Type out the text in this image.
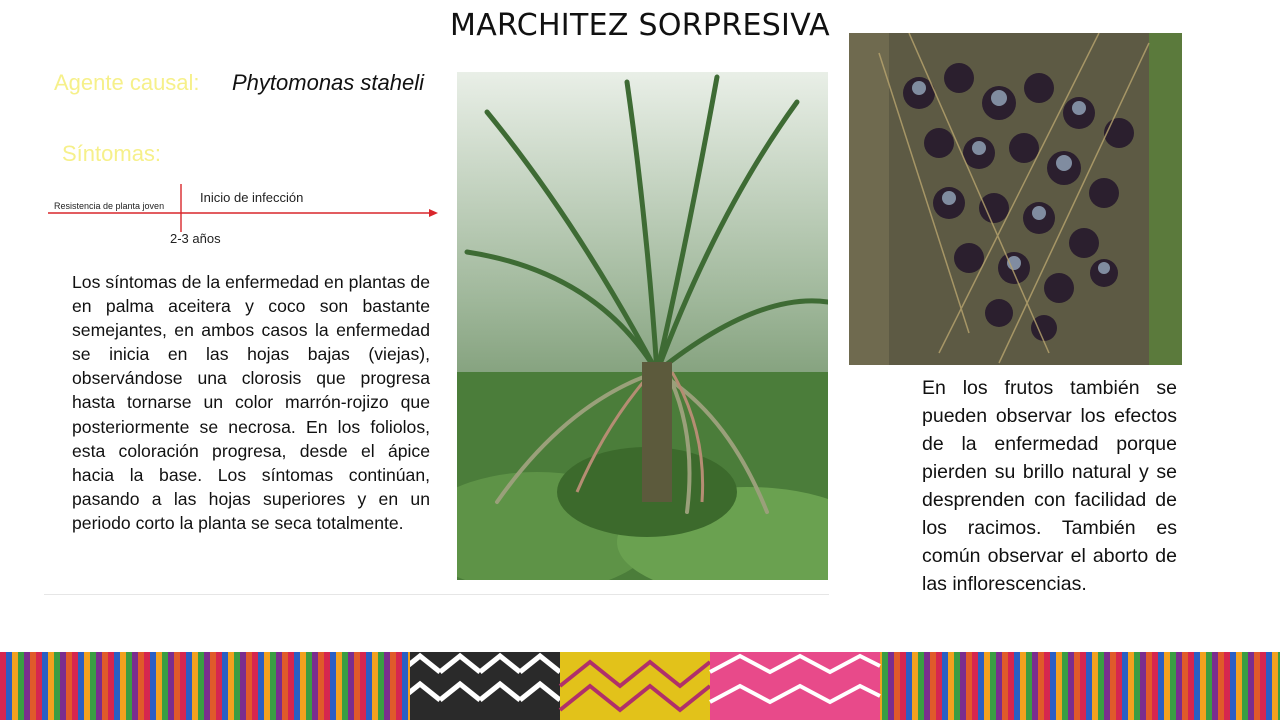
MARCHITEZ SORPRESIVA
Agente causal: Phytomonas staheli
Síntomas:
Resistencia de planta joven
Inicio de infección
2-3 años
Los síntomas de la enfermedad en plantas de en palma aceitera y coco son bastante semejantes, en ambos casos la enfermedad se inicia en las hojas bajas (viejas), observándose una clorosis que progresa hasta tornarse un color marrón-rojizo que posteriormente se necrosa. En los foliolos, esta coloración progresa, desde el ápice hacia la base. Los síntomas continúan, pasando a las hojas superiores y en un periodo corto la planta se seca totalmente.
En los frutos también se pueden observar los efectos de la enfermedad porque pierden su brillo natural y se desprenden con facilidad de los racimos. También es común observar el aborto de las inflorescencias.
